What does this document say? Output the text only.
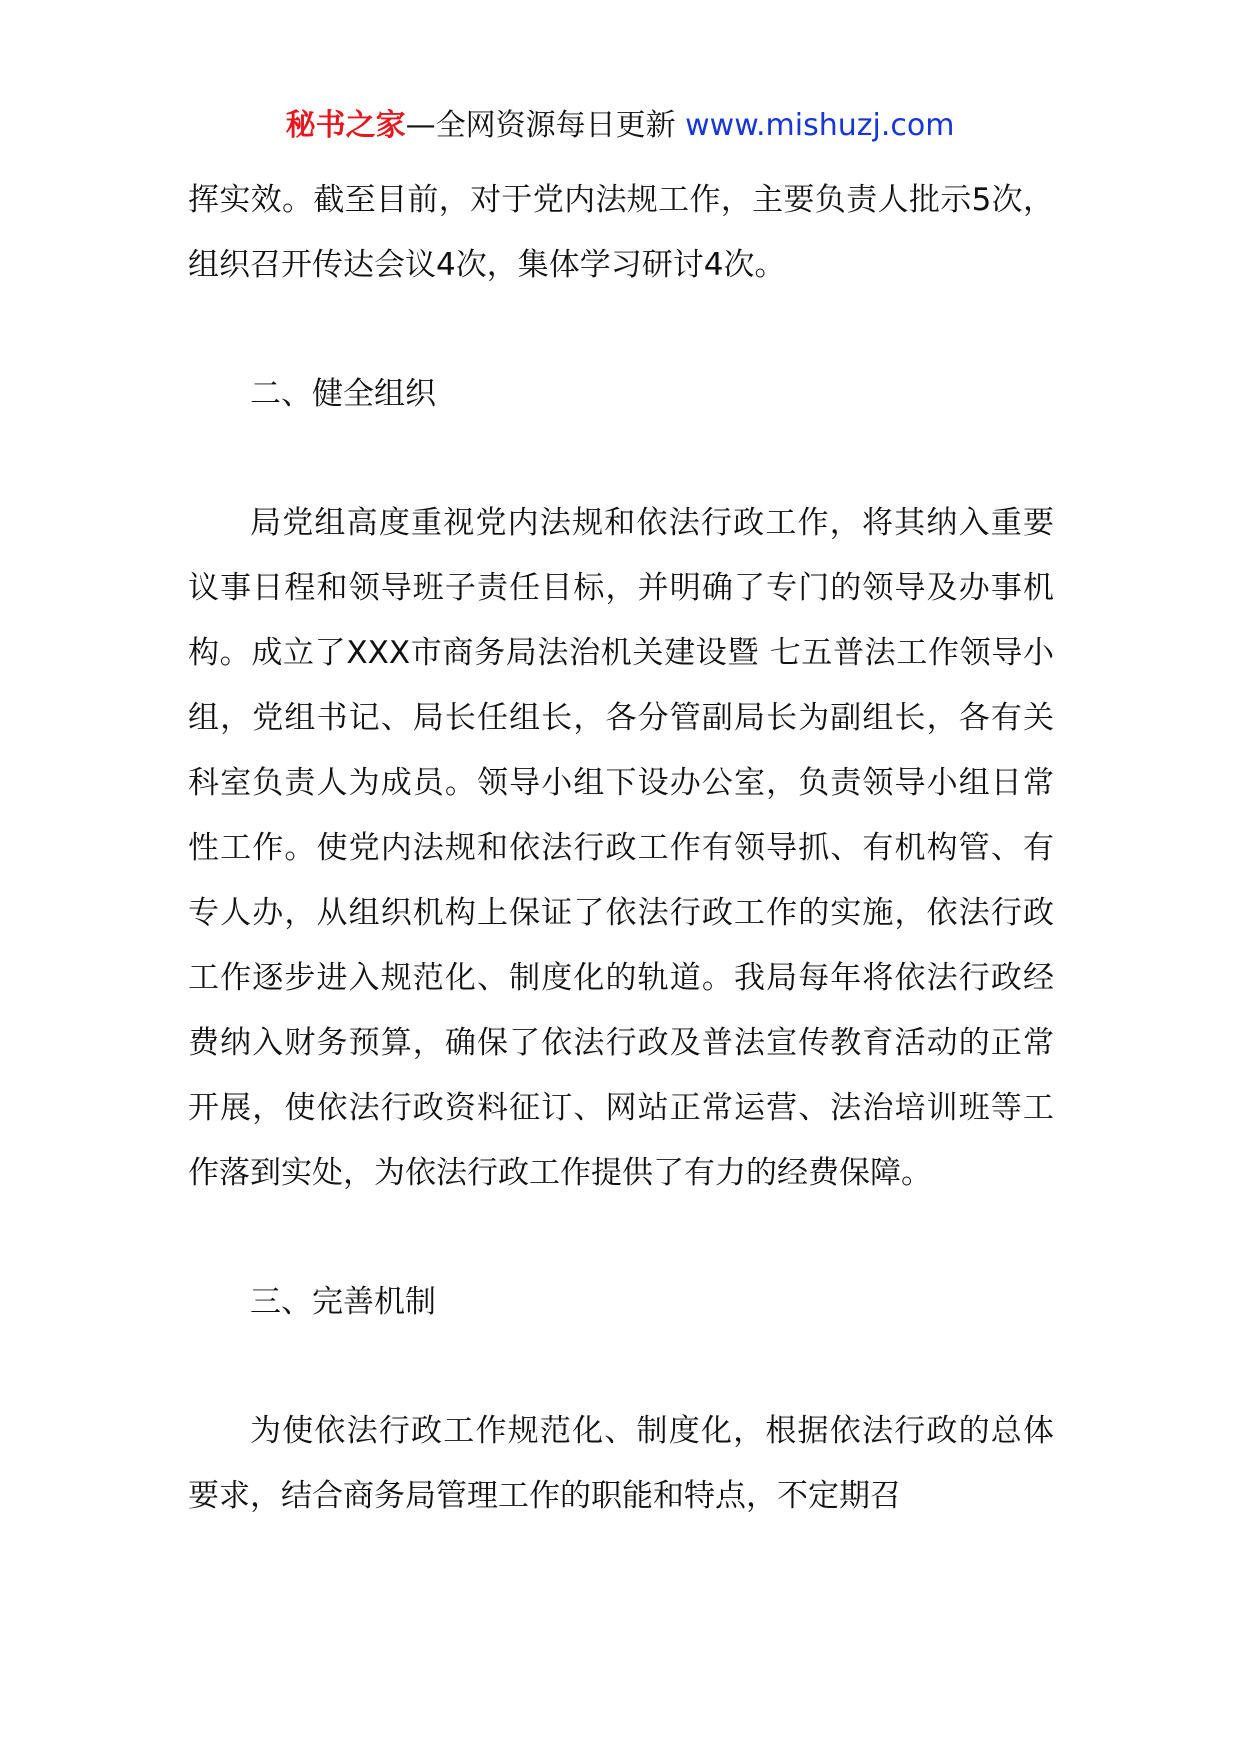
秘书之家—全网资源每日更新 www.mishuzj.com

挥实效。截至目前，对于党内法规工作，主要负责人批示5次，组织召开传达会议4次，集体学习研讨4次。

二、健全组织

局党组高度重视党内法规和依法行政工作，将其纳入重要议事日程和领导班子责任目标，并明确了专门的领导及办事机构。成立了XXX市商务局法治机关建设暨 七五普法工作领导小组，党组书记、局长任组长，各分管副局长为副组长，各有关科室负责人为成员。领导小组下设办公室，负责领导小组日常性工作。使党内法规和依法行政工作有领导抓、有机构管、有专人办，从组织机构上保证了依法行政工作的实施，依法行政工作逐步进入规范化、制度化的轨道。我局每年将依法行政经费纳入财务预算，确保了依法行政及普法宣传教育活动的正常开展，使依法行政资料征订、网站正常运营、法治培训班等工作落到实处，为依法行政工作提供了有力的经费保障。

三、完善机制

为使依法行政工作规范化、制度化，根据依法行政的总体要求，结合商务局管理工作的职能和特点，不定期召
